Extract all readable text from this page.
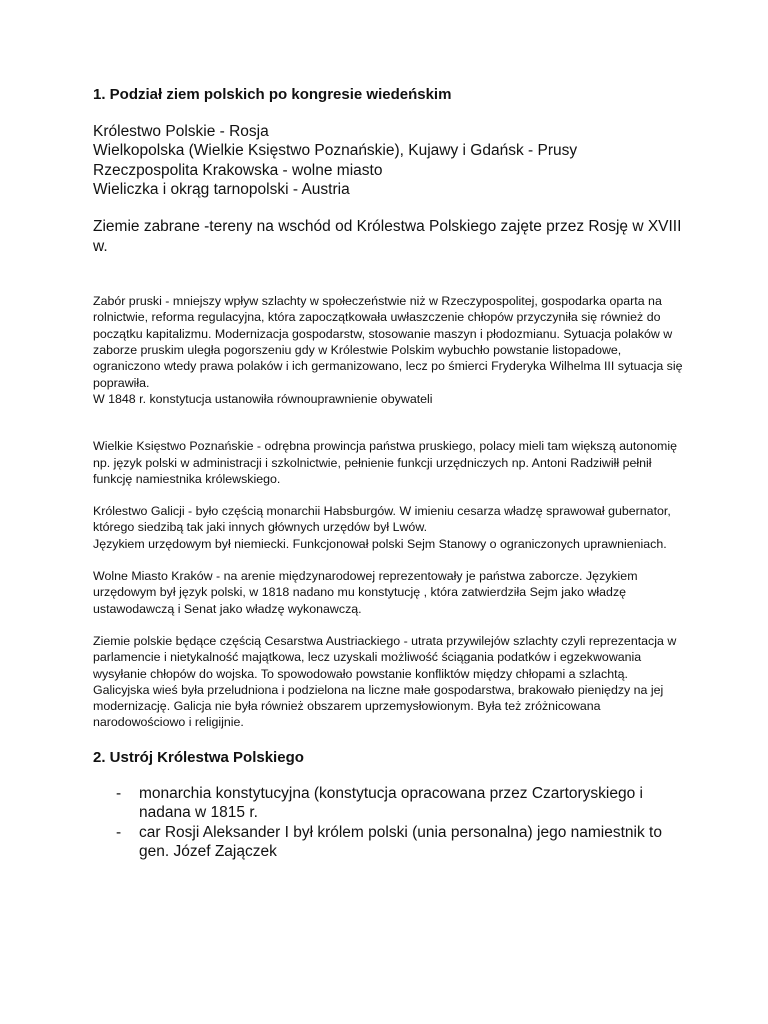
1. Podział ziem polskich po kongresie wiedeńskim
Królestwo Polskie - Rosja
Wielkopolska (Wielkie Księstwo Poznańskie), Kujawy i Gdańsk - Prusy
Rzeczpospolita Krakowska - wolne miasto
Wieliczka i okrąg tarnopolski - Austria

Ziemie zabrane -tereny na wschód od Królestwa Polskiego zajęte przez Rosję w XVIII w.

Zabór pruski - mniejszy wpływ szlachty w społeczeństwie niż w Rzeczypospolitej, gospodarka oparta na rolnictwie, reforma regulacyjna, która zapoczątkowała uwłaszczenie chłopów przyczyniła się również do początku kapitalizmu. Modernizacja gospodarstw, stosowanie maszyn i płodozmianu. Sytuacja polaków w zaborze pruskim uległa pogorszeniu gdy w Królestwie Polskim wybuchło powstanie listopadowe, ograniczono wtedy prawa polaków i ich germanizowano, lecz po śmierci Fryderyka Wilhelma III sytuacja się poprawiła.

W 1848 r. konstytucja ustanowiła równouprawnienie obywateli

Wielkie Księstwo Poznańskie - odrębna prowincja państwa pruskiego, polacy mieli tam większą autonomię np. język polski w administracji i szkolnictwie, pełnienie funkcji urzędniczych np. Antoni Radziwiłł pełnił funkcję namiestnika królewskiego.

Królestwo Galicji - było częścią monarchii Habsburgów. W imieniu cesarza władzę sprawował gubernator, którego siedzibą tak jaki innych głównych urzędów był Lwów.

Językiem urzędowym był niemiecki. Funkcjonował polski Sejm Stanowy o ograniczonych uprawnieniach.

Wolne Miasto Kraków - na arenie międzynarodowej reprezentowały je państwa zaborcze. Językiem urzędowym był język polski, w 1818 nadano mu konstytucję , która zatwierdziła Sejm jako władzę ustawodawczą i Senat jako władzę wykonawczą.

Ziemie polskie będące częścią Cesarstwa Austriackiego - utrata przywilejów szlachty czyli reprezentacja w parlamencie i nietykalność majątkowa, lecz uzyskali możliwość ściągania podatków i egzekwowania wysyłanie chłopów do wojska. To spowodowało powstanie konfliktów między chłopami a szlachtą. Galicyjska wieś była przeludniona i podzielona na liczne małe gospodarstwa, brakowało pieniędzy na jej modernizację. Galicja nie była również obszarem uprzemysłowionym. Była też zróżnicowana narodowościowo i religijnie.

2. Ustrój Królestwa Polskiego
- monarchia konstytucyjna (konstytucja opracowana przez Czartoryskiego i nadana w 1815 r.
- car Rosji Aleksander I był królem polski (unia personalna) jego namiestnik to gen. Józef Zajączek
